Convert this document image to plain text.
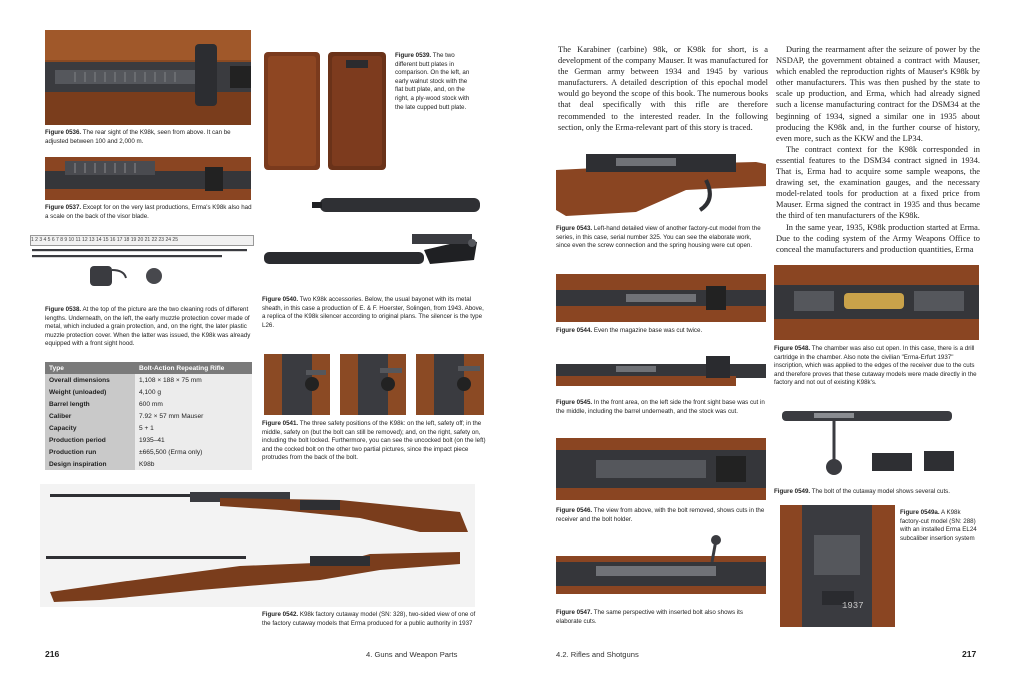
Figure 0536. The rear sight of the K98k, seen from above. It can be adjusted between 100 and 2,000 m.
Figure 0539. The two different butt plates in comparison. On the left, an early walnut stock with the flat butt plate, and, on the right, a ply-wood stock with the late cupped butt plate.
Figure 0537. Except for on the very last productions, Erma's K98k also had a scale on the back of the visor blade.
Figure 0540. Two K98k accessories. Below, the usual bayonet with its metal sheath, in this case a production of E. & F. Hoerster, Solingen, from 1943. Above, a replica of the K98k silencer according to original plans. The silencer is the type L26.
1 2 3 4 5 6 7 8 9 10 11 12 13 14 15 16 17 18 19 20 21 22 23 24 25
Figure 0538. At the top of the picture are the two cleaning rods of different lengths. Underneath, on the left, the early muzzle protection cover made of metal, which included a grain protection, and, on the right, the later plastic muzzle protection cover. When the latter was issued, the K98k was already equipped with a front sight hood.
Type	Bolt-Action Repeating Rifle
Overall dimensions	1,108 × 188 × 75 mm
Weight (unloaded)	4,100 g
Barrel length	600 mm
Caliber	7.92 × 57 mm Mauser
Capacity	5 + 1
Production period	1935–41
Production run	±665,500 (Erma only)
Design inspiration	K98b
Figure 0541. The three safety positions of the K98k: on the left, safety off; in the middle, safety on (but the bolt can still be removed); and, on the right, safety on, including the bolt locked. Furthermore, you can see the uncocked bolt (on the left) and the cocked bolt on the other two partial pictures, since the impact piece protrudes from the back of the bolt.
Figure 0542. K98k factory cutaway model (SN: 328), two-sided view of one of the factory cutaway models that Erma produced for a public authority in 1937
216	4. Guns and Weapon Parts

The Karabiner (carbine) 98k, or K98k for short, is a development of the company Mauser. It was manufactured for the German army between 1934 and 1945 by various manufacturers. A detailed description of this epochal model would go beyond the scope of this book. The numerous books that deal specifically with this rifle are therefore recommended to the interested reader. In the following section, only the Erma-relevant part of this story is traced.

During the rearmament after the seizure of power by the NSDAP, the government obtained a contract with Mauser, which enabled the reproduction rights of Mauser's K98k by other manufacturers. This was then pushed by the state to scale up production, and Erma, which had already signed such a license manufacturing contract for the DSM34 at the beginning of 1934, signed a similar one in 1935 about producing the K98k and, in the further course of history, even more, such as the KKW and the LP34.

The contract context for the K98k corresponded in essential features to the DSM34 contract signed in 1934. That is, Erma had to acquire some sample weapons, the drawing set, the examination gauges, and the necessary model-related tools for production at a fixed price from Mauser. Erma signed the contract in 1935 and thus became the third of ten manufacturers of the K98k.

In the same year, 1935, K98k production started at Erma. Due to the coding system of the Army Weapons Office to conceal the manufacturers and production quantities, Erma

Figure 0543. Left-hand detailed view of another factory-cut model from the series, in this case, serial number 325. You can see the elaborate work, since even the screw connection and the spring housing were cut open.
Figure 0544. Even the magazine base was cut twice.
Figure 0548. The chamber was also cut open. In this case, there is a drill cartridge in the chamber. Also note the civilian "Erma-Erfurt 1937" inscription, which was applied to the edges of the receiver due to the cuts and therefore proves that these cutaway models were made directly in the factory and not out of existing K98k's.
Figure 0545. In the front area, on the left side the front sight base was cut in the middle, including the barrel underneath, and the stock was cut.
Figure 0549. The bolt of the cutaway model shows several cuts.
Figure 0546. The view from above, with the bolt removed, shows cuts in the receiver and the bolt holder.
1937
Figure 0549a. A K98k factory-cut model (SN: 288) with an installed Erma EL24 subcaliber insertion system
Figure 0547. The same perspective with inserted bolt also shows its elaborate cuts.
4.2. Rifles and Shotguns	217
